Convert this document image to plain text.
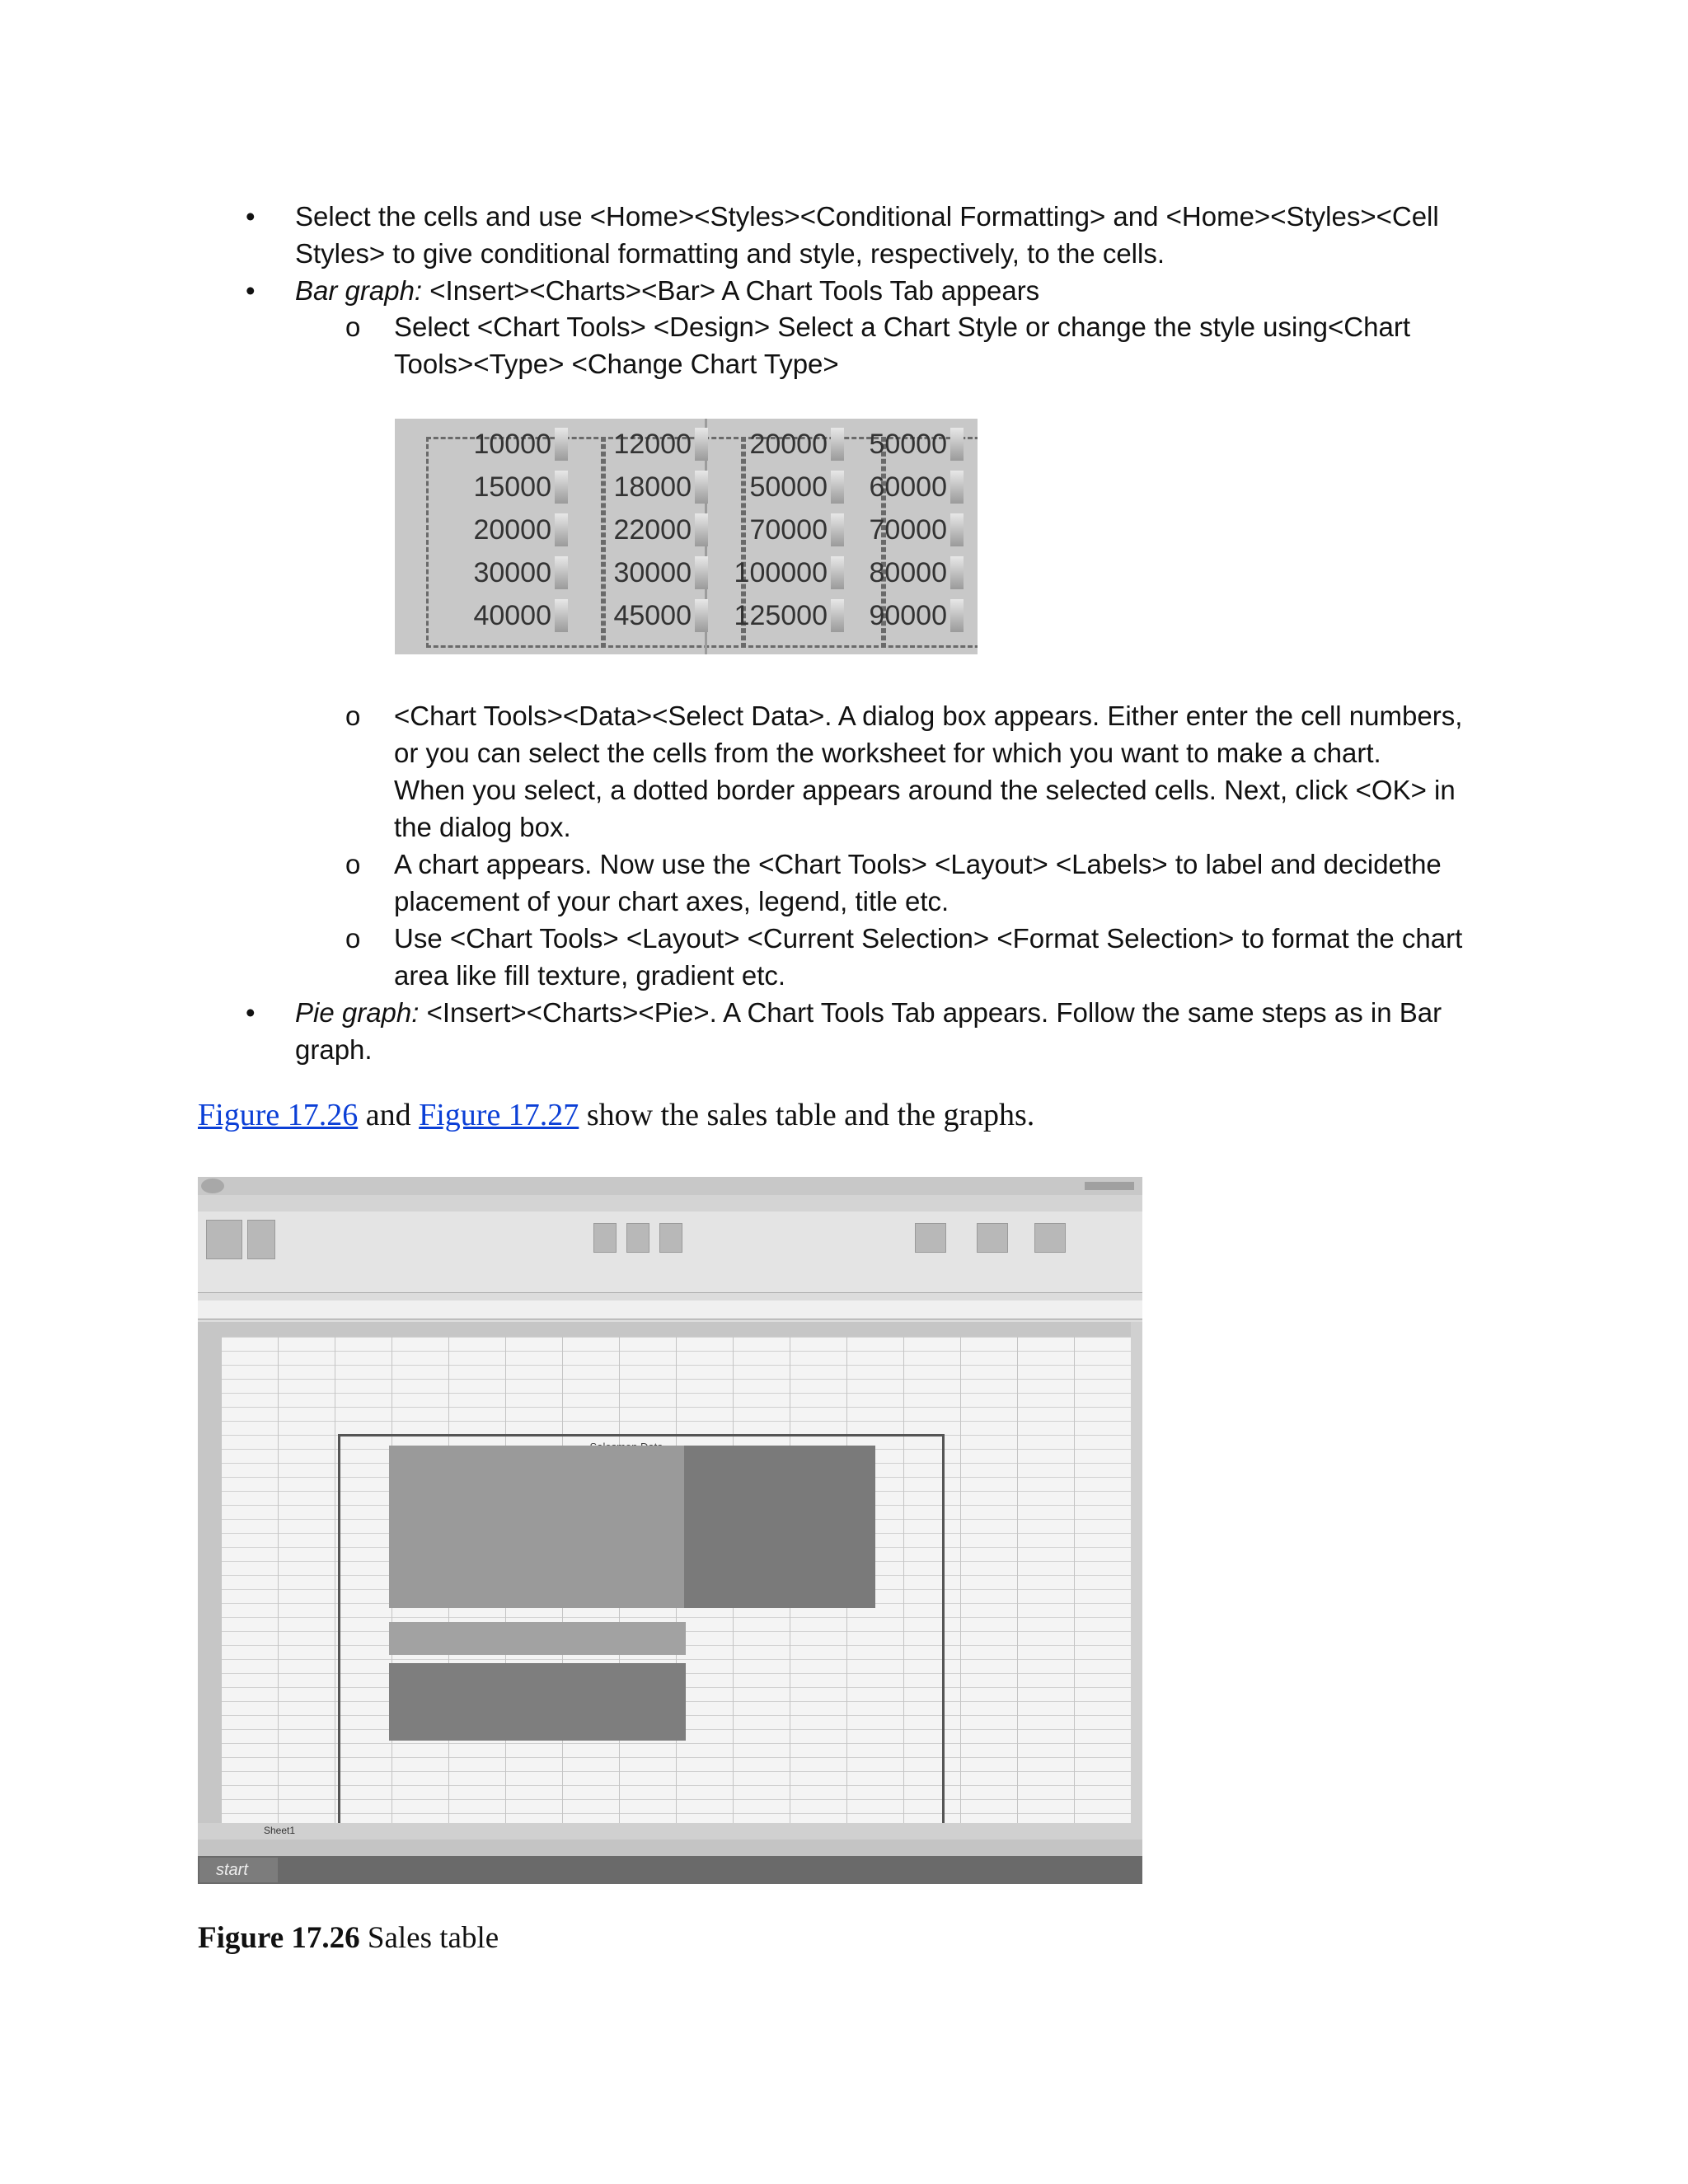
• Select the cells and use <Home><Styles><Conditional Formatting> and <Home><Styles><Cell
Styles> to give conditional formatting and style, respectively, to the cells.
• Bar graph: <Insert><Charts><Bar> A Chart Tools Tab appears
o Select <Chart Tools> <Design> Select a Chart Style or change the style using<Chart
Tools><Type> <Change Chart Type>
10000	12000	20000	50000
15000	18000	50000	60000
20000	22000	70000	70000
30000	30000	100000	80000
40000	45000	125000	90000
o <Chart Tools><Data><Select Data>. A dialog box appears. Either enter the cell numbers,
or you can select the cells from the worksheet for which you want to make a chart.
When you select, a dotted border appears around the selected cells. Next, click <OK> in
the dialog box.
o A chart appears. Now use the <Chart Tools> <Layout> <Labels> to label and decidethe
placement of your chart axes, legend, title etc.
o Use <Chart Tools> <Layout> <Current Selection> <Format Selection> to format the chart
area like fill texture, gradient etc.
• Pie graph: <Insert><Charts><Pie>. A Chart Tools Tab appears. Follow the same steps as in Bar
graph.
Figure 17.26 and Figure 17.27 show the sales table and the graphs.
Sheet1
start
Figure 17.26 Sales table
